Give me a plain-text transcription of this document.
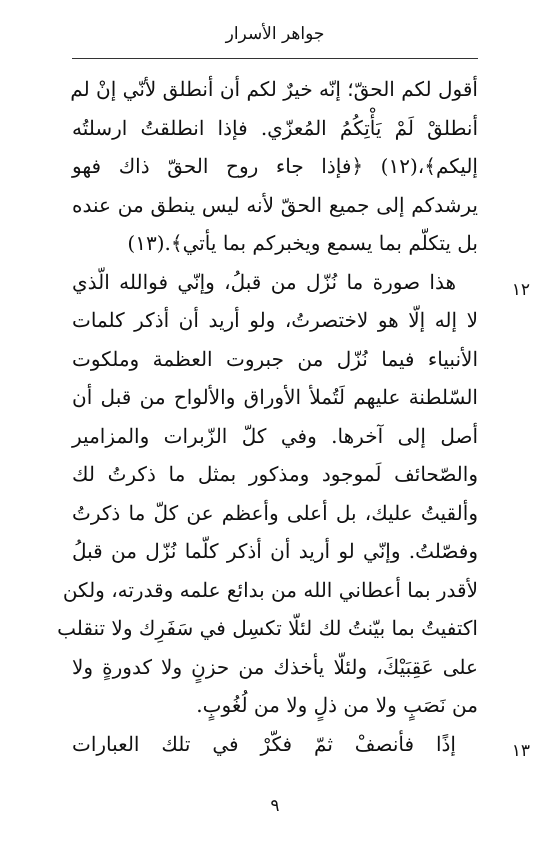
جواهر الأسرار
أقول لكم الحقّ؛ إنّه خيرٌ لكم أن أنطلق لأنّي إنْ لم
أنطلقْ لَمْ يَأْتِكُمُ المُعزّي. فإذا انطلقتُ ارسلتُه
إليكم﴾،(١٢) ﴿فإذا جاء روح الحقّ ذاك فهو
يرشدكم إلى جميع الحقّ لأنه ليس ينطق من عنده
بل يتكلّم بما يسمع ويخبركم بما يأتي﴾.(١٣)
هذا صورة ما نُزّل من قبلُ، وإنّي فوالله الّذي
لا إله إلّا هو لاختصرتُ، ولو أريد أن أذكر كلمات
الأنبياء فيما نُزّل من جبروت العظمة وملكوت
السّلطنة عليهم لَتُملأ الأوراق والألواح من قبل أن
أصل إلى آخرها. وفي كلّ الزّبرات والمزامير
والصّحائف لَموجود ومذكور بمثل ما ذكرتُ لك
وألقيتُ عليك، بل أعلى وأعظم عن كلّ ما ذكرتُ
وفصّلتُ. وإنّي لو أريد أن أذكر كلّما نُزّل من قبلُ
لأقدر بما أعطاني الله من بدائع علمه وقدرته، ولكن
اكتفيتُ بما بيّنتُ لك لئلّا تكسِل في سَفَرِك ولا تنقلب
على عَقِبَيْكَ، ولئلّا يأخذك من حزنٍ ولا كدورةٍ ولا
من نَصَبٍ ولا من ذلٍ ولا من لُغُوبٍ.
إذًا فأنصفْ ثمّ فكّرْ في تلك العبارات
١٢
١٣
٩
